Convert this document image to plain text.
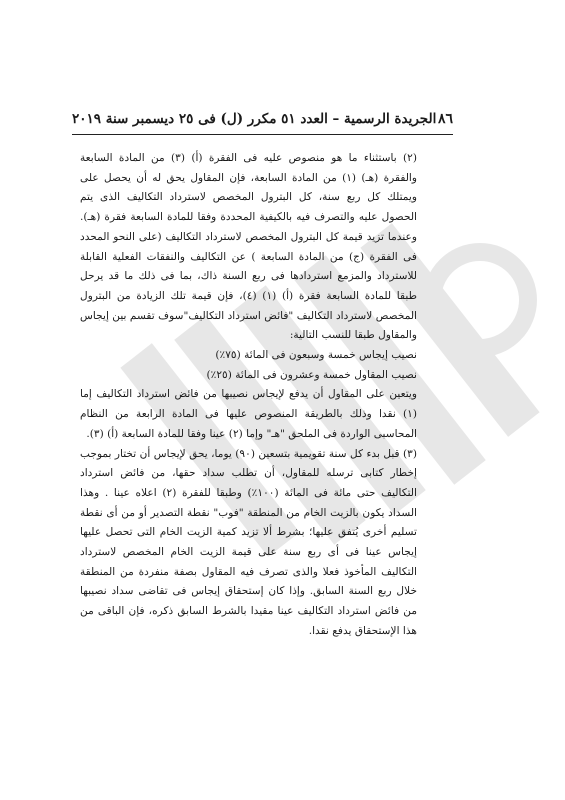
٨٦
الجريدة الرسمية – العدد ٥١ مكرر (ل) فى ٢٥ ديسمبر سنة ٢٠١٩

(٢) باستثناء ما هو منصوص عليه فى الفقرة (أ) (٣) من المادة السابعة والفقرة (هـ) (١) من المادة السابعة، فإن المقاول يحق له أن يحصل على ويمتلك كل ربع سنة، كل البترول المخصص لاسترداد التكاليف الذى يتم الحصول عليه والتصرف فيه بالكيفية المحددة وفقا للمادة السابعة فقرة (هـ). وعندما تزيد قيمة كل البترول المخصص لاسترداد التكاليف (على النحو المحدد فى الفقرة (ج) من المادة السابعة ) عن التكاليف والنفقات الفعلية القابلة للاسترداد والمزمع استردادها فى ربع السنة ذاك، بما فى ذلك ما قد يرحل طبقا للمادة السابعة فقرة (أ) (١) (٤)، فإن قيمة تلك الزيادة من البترول المخصص لاسترداد التكاليف "فائض استرداد التكاليف"سوف تقسم بين إيجاس والمقاول طبقا للنسب التالية:

نصيب إيجاس خمسة وسبعون فى المائة (٧٥٪)

نصيب المقاول خمسة وعشرون فى المائة (٢٥٪)

ويتعين على المقاول أن يدفع لإيجاس نصيبها من فائض استرداد التكاليف إما (١) نقدا وذلك بالطريقة المنصوص عليها فى المادة الرابعة من النظام المحاسبى الواردة فى الملحق "هـ" وإما (٢) عينا وفقا للمادة السابعة (أ) (٣).

(٣) قبل بدء كل سنة تقويمية بتسعين (٩٠) يوما، يحق لإيجاس أن تختار بموجب إخطار كتابى ترسله للمقاول، أن تطلب سداد حقها، من فائض استرداد التكاليف حتى مائة فى المائة (١٠٠٪) وطبقا للفقرة (٢) اعلاه عينا . وهذا السداد يكون بالزيت الخام من المنطقة "فوب" نقطة التصدير أو من أى نقطة تسليم أخرى يُتفق عليها؛ بشرط ألا تزيد كمية الزيت الخام التى تحصل عليها إيجاس عينا فى أى ربع سنة على قيمة الزيت الخام المخصص لاسترداد التكاليف المأخوذ فعلا والذى تصرف فيه المقاول بصفة منفردة من المنطقة خلال ربع السنة السابق. وإذا كان إستحقاق إيجاس فى تقاضى سداد نصيبها من فائض استرداد التكاليف عينا مقيدا بالشرط السابق ذكره، فإن الباقى من هذا الإستحقاق يدفع نقدا.
